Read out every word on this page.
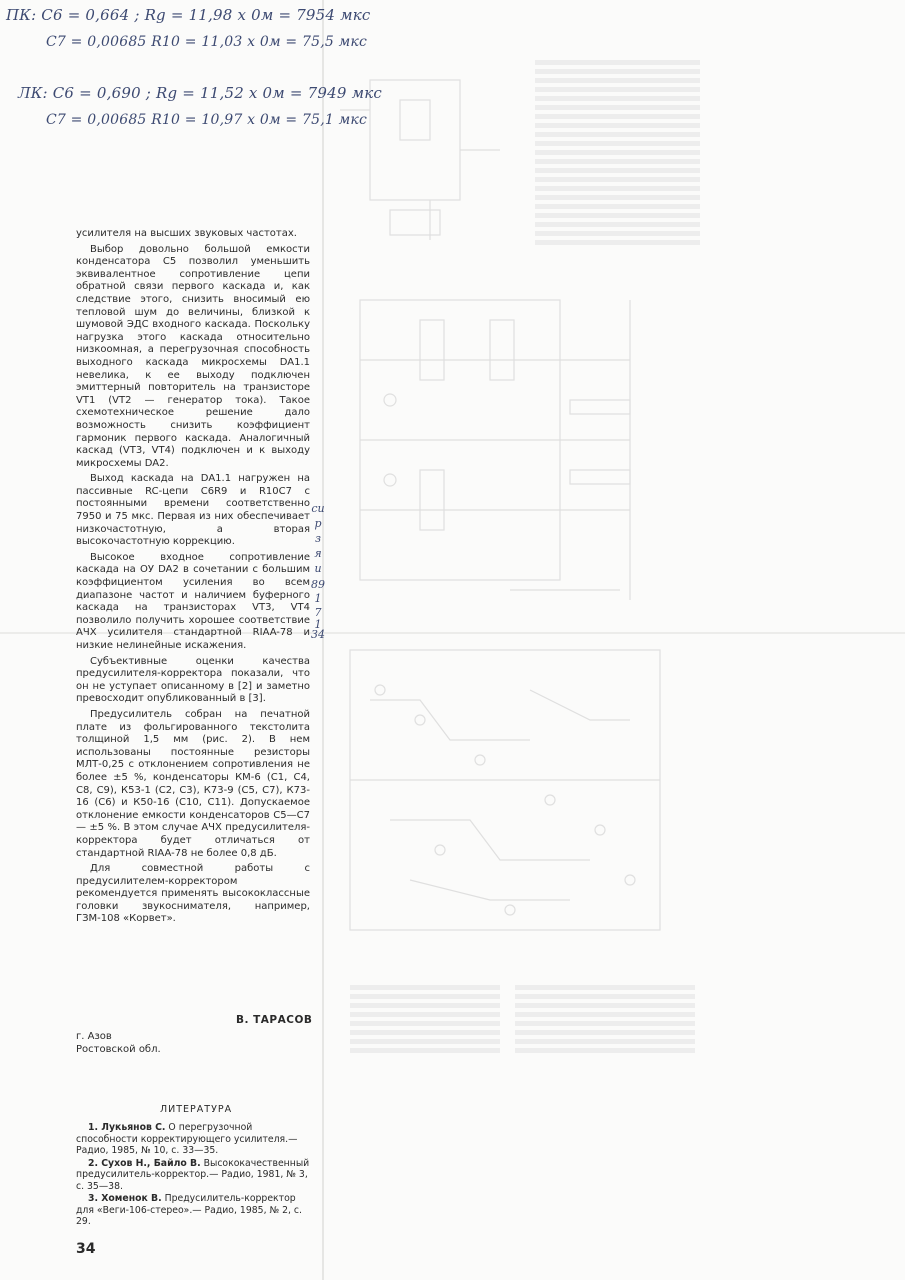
ПК: C6 = 0,664 ; Rg = 11,98 x 0м = 7954 мкс
C7 = 0,00685 R10 = 11,03 x 0м = 75,5 мкс
ЛК: C6 = 0,690 ; Rg = 11,52 x 0м = 7949 мкс
C7 = 0,00685 R10 = 10,97 x 0м = 75,1 мкс
си
р
з
я
и
89
1
7
1
34

усилителя на высших звуковых частотах.

Выбор довольно большой емкости конденсатора C5 позволил уменьшить эквивалентное сопротивление цепи обратной связи первого каскада и, как следствие этого, снизить вносимый ею тепловой шум до величины, близкой к шумовой ЭДС входного каскада. Поскольку нагрузка этого каскада относительно низкоомная, а перегрузочная способность выходного каскада микросхемы DA1.1 невелика, к ее выходу подключен эмиттерный повторитель на транзисторе VT1 (VT2 — генератор тока). Такое схемотехническое решение дало возможность снизить коэффициент гармоник первого каскада. Аналогичный каскад (VT3, VT4) подключен и к выходу микросхемы DA2.

Выход каскада на DA1.1 нагружен на пассивные RC-цепи C6R9 и R10C7 с постоянными времени соответственно 7950 и 75 мкс. Первая из них обеспечивает низкочастотную, а вторая высокочастотную коррекцию.

Высокое входное сопротивление каскада на ОУ DA2 в сочетании с большим коэффициентом усиления во всем диапазоне частот и наличием буферного каскада на транзисторах VT3, VT4 позволило получить хорошее соответствие АЧХ усилителя стандартной RIAA-78 и низкие нелинейные искажения.

Субъективные оценки качества предусилителя-корректора показали, что он не уступает описанному в [2] и заметно превосходит опубликованный в [3].

Предусилитель собран на печатной плате из фольгированного текстолита толщиной 1,5 мм (рис. 2). В нем использованы постоянные резисторы МЛТ-0,25 с отклонением сопротивления не более ±5 %, конденсаторы КМ-6 (C1, C4, C8, C9), К53-1 (C2, C3), К73-9 (C5, C7), К73-16 (C6) и К50-16 (C10, C11). Допускаемое отклонение емкости конденсаторов C5—C7 — ±5 %. В этом случае АЧХ предусилителя-корректора будет отличаться от стандартной RIAA-78 не более 0,8 дБ.

Для совместной работы с предусилителем-корректором рекомендуется применять высококлассные головки звукоснимателя, например, ГЗМ-108 «Корвет».

В. ТАРАСОВ
г. Азов
Ростовской обл.
ЛИТЕРАТУРА

1. Лукьянов С. О перегрузочной способности корректирующего усилителя.— Радио, 1985, № 10, с. 33—35.

2. Сухов Н., Байло В. Высококачественный предусилитель-корректор.— Радио, 1981, № 3, с. 35—38.

3. Хоменок В. Предусилитель-корректор для «Веги-106-стерео».— Радио, 1985, № 2, с. 29.

34
